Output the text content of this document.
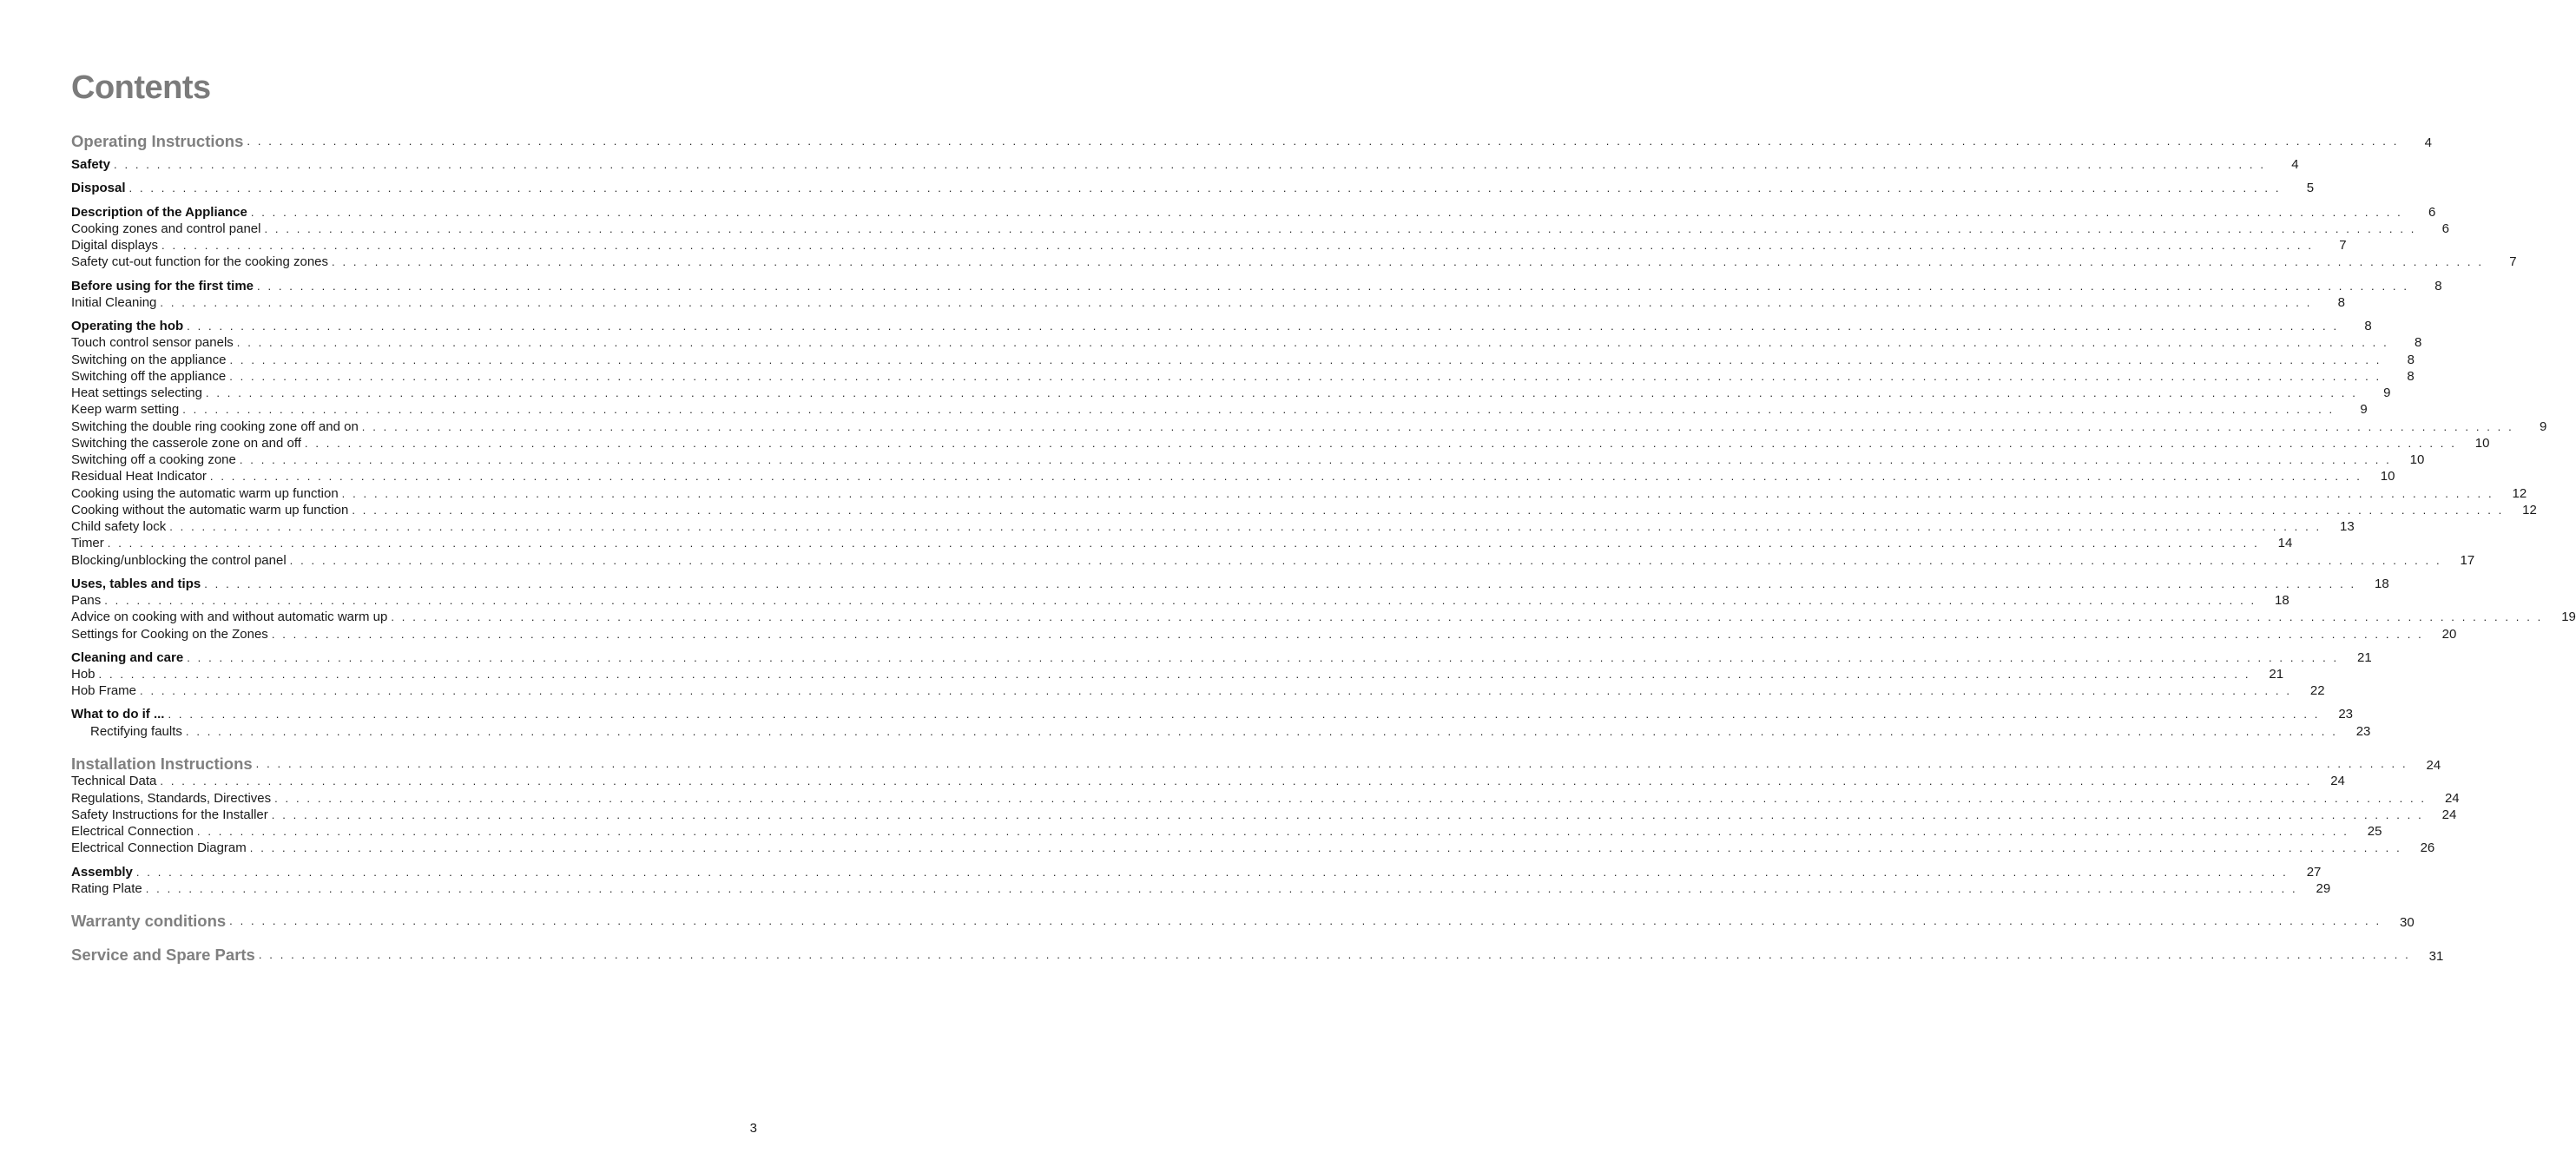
Contents
Operating Instructions . . . . . . . . . . . . . . . . . . . . . . . . . . . . . . . . . . . . . . . . . . . . . . . . . . . . . . . . . . . . . . . . . . . . . . . . . . . . . . . . . . . . . . . . . . . . . . . . . . . . . . . . . . . . . . . . . . . . . . . . . . . . . . . . . . . . . . . . . . . . . . . . . . . . . . . . . . . . . . . . . . . . . . . . . . . . . . . . . . . . . . . . . . . . . . . . . . . . . . . .	4
Safety . . . . . . . . . . . . . . . . . . . . . . . . . . . . . . . . . . . . . . . . . . . . . . . . . . . . . . . . . . . . . . . . . . . . . . . . . . . . . . . . . . . . . . . . . . . . . . . . . . . . . . . . . . . . . . . . . . . . . . . . . . . . . . . . . . . . . . . . . . . . . . . . . . . . . . . . . . . . . . . . . . . . . . . . . . . . . . . . . . . . . . . . . . . . . . . . . . . . . . . .	4
Disposal . . . . . . . . . . . . . . . . . . . . . . . . . . . . . . . . . . . . . . . . . . . . . . . . . . . . . . . . . . . . . . . . . . . . . . . . . . . . . . . . . . . . . . . . . . . . . . . . . . . . . . . . . . . . . . . . . . . . . . . . . . . . . . . . . . . . . . . . . . . . . . . . . . . . . . . . . . . . . . . . . . . . . . . . . . . . . . . . . . . . . . . . . . . . . . . . . . . . . . . .	5
Description of the Appliance . . . . . . . . . . . . . . . . . . . . . . . . . . . . . . . . . . . . . . . . . . . . . . . . . . . . . . . . . . . . . . . . . . . . . . . . . . . . . . . . . . . . . . . . . . . . . . . . . . . . . . . . . . . . . . . . . . . . . . . . . . . . . . . . . . . . . . . . . . . . . . . . . . . . . . . . . . . . . . . . . . . . . . . . . . . . . . . . . . . . . . . . . . . . . . . . . . . . . . . .	6
Cooking zones and control panel . . . . . . . . . . . . . . . . . . . . . . . . . . . . . . . . . . . . . . . . . . . . . . . . . . . . . . . . . . . . . . . . . . . . . . . . . . . . . . . . . . . . . . . . . . . . . . . . . . . . . . . . . . . . . . . . . . . . . . . . . . . . . . . . . . . . . . . . . . . . . . . . . . . . . . . . . . . . . . . . . . . . . . . . . . . . . . . . . . . . . . . . . . . . . . . . . . . . . . . .	6
Digital displays . . . . . . . . . . . . . . . . . . . . . . . . . . . . . . . . . . . . . . . . . . . . . . . . . . . . . . . . . . . . . . . . . . . . . . . . . . . . . . . . . . . . . . . . . . . . . . . . . . . . . . . . . . . . . . . . . . . . . . . . . . . . . . . . . . . . . . . . . . . . . . . . . . . . . . . . . . . . . . . . . . . . . . . . . . . . . . . . . . . . . . . . . . . . . . . . . . . . . . . .	7
Safety cut-out function for the cooking zones . . . . . . . . . . . . . . . . . . . . . . . . . . . . . . . . . . . . . . . . . . . . . . . . . . . . . . . . . . . . . . . . . . . . . . . . . . . . . . . . . . . . . . . . . . . . . . . . . . . . . . . . . . . . . . . . . . . . . . . . . . . . . . . . . . . . . . . . . . . . . . . . . . . . . . . . . . . . . . . . . . . . . . . . . . . . . . . . . . . . . . . . . . . . . . . . . . . . . . . .	7
Before using for the first time . . . . . . . . . . . . . . . . . . . . . . . . . . . . . . . . . . . . . . . . . . . . . . . . . . . . . . . . . . . . . . . . . . . . . . . . . . . . . . . . . . . . . . . . . . . . . . . . . . . . . . . . . . . . . . . . . . . . . . . . . . . . . . . . . . . . . . . . . . . . . . . . . . . . . . . . . . . . . . . . . . . . . . . . . . . . . . . . . . . . . . . . . . . . . . . . . . . . . . . .	8
Initial Cleaning . . . . . . . . . . . . . . . . . . . . . . . . . . . . . . . . . . . . . . . . . . . . . . . . . . . . . . . . . . . . . . . . . . . . . . . . . . . . . . . . . . . . . . . . . . . . . . . . . . . . . . . . . . . . . . . . . . . . . . . . . . . . . . . . . . . . . . . . . . . . . . . . . . . . . . . . . . . . . . . . . . . . . . . . . . . . . . . . . . . . . . . . . . . . . . . . . . . . . . . .	8
Operating the hob . . . . . . . . . . . . . . . . . . . . . . . . . . . . . . . . . . . . . . . . . . . . . . . . . . . . . . . . . . . . . . . . . . . . . . . . . . . . . . . . . . . . . . . . . . . . . . . . . . . . . . . . . . . . . . . . . . . . . . . . . . . . . . . . . . . . . . . . . . . . . . . . . . . . . . . . . . . . . . . . . . . . . . . . . . . . . . . . . . . . . . . . . . . . . . . . . . . . . . . .	8
Touch control sensor panels . . . . . . . . . . . . . . . . . . . . . . . . . . . . . . . . . . . . . . . . . . . . . . . . . . . . . . . . . . . . . . . . . . . . . . . . . . . . . . . . . . . . . . . . . . . . . . . . . . . . . . . . . . . . . . . . . . . . . . . . . . . . . . . . . . . . . . . . . . . . . . . . . . . . . . . . . . . . . . . . . . . . . . . . . . . . . . . . . . . . . . . . . . . . . . . . . . . . . . . .	8
Switching on the appliance . . . . . . . . . . . . . . . . . . . . . . . . . . . . . . . . . . . . . . . . . . . . . . . . . . . . . . . . . . . . . . . . . . . . . . . . . . . . . . . . . . . . . . . . . . . . . . . . . . . . . . . . . . . . . . . . . . . . . . . . . . . . . . . . . . . . . . . . . . . . . . . . . . . . . . . . . . . . . . . . . . . . . . . . . . . . . . . . . . . . . . . . . . . . . . . . . . . . . . . .	8
Switching off the appliance . . . . . . . . . . . . . . . . . . . . . . . . . . . . . . . . . . . . . . . . . . . . . . . . . . . . . . . . . . . . . . . . . . . . . . . . . . . . . . . . . . . . . . . . . . . . . . . . . . . . . . . . . . . . . . . . . . . . . . . . . . . . . . . . . . . . . . . . . . . . . . . . . . . . . . . . . . . . . . . . . . . . . . . . . . . . . . . . . . . . . . . . . . . . . . . . . . . . . . . .	8
Heat settings selecting . . . . . . . . . . . . . . . . . . . . . . . . . . . . . . . . . . . . . . . . . . . . . . . . . . . . . . . . . . . . . . . . . . . . . . . . . . . . . . . . . . . . . . . . . . . . . . . . . . . . . . . . . . . . . . . . . . . . . . . . . . . . . . . . . . . . . . . . . . . . . . . . . . . . . . . . . . . . . . . . . . . . . . . . . . . . . . . . . . . . . . . . . . . . . . . . . . . . . . . .	9
Keep warm setting . . . . . . . . . . . . . . . . . . . . . . . . . . . . . . . . . . . . . . . . . . . . . . . . . . . . . . . . . . . . . . . . . . . . . . . . . . . . . . . . . . . . . . . . . . . . . . . . . . . . . . . . . . . . . . . . . . . . . . . . . . . . . . . . . . . . . . . . . . . . . . . . . . . . . . . . . . . . . . . . . . . . . . . . . . . . . . . . . . . . . . . . . . . . . . . . . . . . . . . .	9
Switching the double ring cooking zone off and on . . . . . . . . . . . . . . . . . . . . . . . . . . . . . . . . . . . . . . . . . . . . . . . . . . . . . . . . . . . . . . . . . . . . . . . . . . . . . . . . . . . . . . . . . . . . . . . . . . . . . . . . . . . . . . . . . . . . . . . . . . . . . . . . . . . . . . . . . . . . . . . . . . . . . . . . . . . . . . . . . . . . . . . . . . . . . . . . . . . . . . . . . . . . . . . . . . . . . . . .	9
Switching the casserole zone on and off . . . . . . . . . . . . . . . . . . . . . . . . . . . . . . . . . . . . . . . . . . . . . . . . . . . . . . . . . . . . . . . . . . . . . . . . . . . . . . . . . . . . . . . . . . . . . . . . . . . . . . . . . . . . . . . . . . . . . . . . . . . . . . . . . . . . . . . . . . . . . . . . . . . . . . . . . . . . . . . . . . . . . . . . . . . . . . . . . . . . . . . . . . . . . . . . . . . . . . . .	10
Switching off a cooking zone . . . . . . . . . . . . . . . . . . . . . . . . . . . . . . . . . . . . . . . . . . . . . . . . . . . . . . . . . . . . . . . . . . . . . . . . . . . . . . . . . . . . . . . . . . . . . . . . . . . . . . . . . . . . . . . . . . . . . . . . . . . . . . . . . . . . . . . . . . . . . . . . . . . . . . . . . . . . . . . . . . . . . . . . . . . . . . . . . . . . . . . . . . . . . . . . . . . . . . . .	10
Residual Heat Indicator . . . . . . . . . . . . . . . . . . . . . . . . . . . . . . . . . . . . . . . . . . . . . . . . . . . . . . . . . . . . . . . . . . . . . . . . . . . . . . . . . . . . . . . . . . . . . . . . . . . . . . . . . . . . . . . . . . . . . . . . . . . . . . . . . . . . . . . . . . . . . . . . . . . . . . . . . . . . . . . . . . . . . . . . . . . . . . . . . . . . . . . . . . . . . . . . . . . . . . . .	10
Cooking using the automatic warm up function . . . . . . . . . . . . . . . . . . . . . . . . . . . . . . . . . . . . . . . . . . . . . . . . . . . . . . . . . . . . . . . . . . . . . . . . . . . . . . . . . . . . . . . . . . . . . . . . . . . . . . . . . . . . . . . . . . . . . . . . . . . . . . . . . . . . . . . . . . . . . . . . . . . . . . . . . . . . . . . . . . . . . . . . . . . . . . . . . . . . . . . . . . . . . . . . . . . . . . . .	12
Cooking without the automatic warm up function . . . . . . . . . . . . . . . . . . . . . . . . . . . . . . . . . . . . . . . . . . . . . . . . . . . . . . . . . . . . . . . . . . . . . . . . . . . . . . . . . . . . . . . . . . . . . . . . . . . . . . . . . . . . . . . . . . . . . . . . . . . . . . . . . . . . . . . . . . . . . . . . . . . . . . . . . . . . . . . . . . . . . . . . . . . . . . . . . . . . . . . . . . . . . . . . . . . . . . . .	12
Child safety lock . . . . . . . . . . . . . . . . . . . . . . . . . . . . . . . . . . . . . . . . . . . . . . . . . . . . . . . . . . . . . . . . . . . . . . . . . . . . . . . . . . . . . . . . . . . . . . . . . . . . . . . . . . . . . . . . . . . . . . . . . . . . . . . . . . . . . . . . . . . . . . . . . . . . . . . . . . . . . . . . . . . . . . . . . . . . . . . . . . . . . . . . . . . . . . . . . . . . . . . .	13
Timer . . . . . . . . . . . . . . . . . . . . . . . . . . . . . . . . . . . . . . . . . . . . . . . . . . . . . . . . . . . . . . . . . . . . . . . . . . . . . . . . . . . . . . . . . . . . . . . . . . . . . . . . . . . . . . . . . . . . . . . . . . . . . . . . . . . . . . . . . . . . . . . . . . . . . . . . . . . . . . . . . . . . . . . . . . . . . . . . . . . . . . . . . . . . . . . . . . . . . . . .	14
Blocking/unblocking the control panel . . . . . . . . . . . . . . . . . . . . . . . . . . . . . . . . . . . . . . . . . . . . . . . . . . . . . . . . . . . . . . . . . . . . . . . . . . . . . . . . . . . . . . . . . . . . . . . . . . . . . . . . . . . . . . . . . . . . . . . . . . . . . . . . . . . . . . . . . . . . . . . . . . . . . . . . . . . . . . . . . . . . . . . . . . . . . . . . . . . . . . . . . . . . . . . . . . . . . . . .	17
Uses, tables and tips . . . . . . . . . . . . . . . . . . . . . . . . . . . . . . . . . . . . . . . . . . . . . . . . . . . . . . . . . . . . . . . . . . . . . . . . . . . . . . . . . . . . . . . . . . . . . . . . . . . . . . . . . . . . . . . . . . . . . . . . . . . . . . . . . . . . . . . . . . . . . . . . . . . . . . . . . . . . . . . . . . . . . . . . . . . . . . . . . . . . . . . . . . . . . . . . . . . . . . . .	18
Pans . . . . . . . . . . . . . . . . . . . . . . . . . . . . . . . . . . . . . . . . . . . . . . . . . . . . . . . . . . . . . . . . . . . . . . . . . . . . . . . . . . . . . . . . . . . . . . . . . . . . . . . . . . . . . . . . . . . . . . . . . . . . . . . . . . . . . . . . . . . . . . . . . . . . . . . . . . . . . . . . . . . . . . . . . . . . . . . . . . . . . . . . . . . . . . . . . . . . . . . .	18
Advice on cooking with and without automatic warm up . . . . . . . . . . . . . . . . . . . . . . . . . . . . . . . . . . . . . . . . . . . . . . . . . . . . . . . . . . . . . . . . . . . . . . . . . . . . . . . . . . . . . . . . . . . . . . . . . . . . . . . . . . . . . . . . . . . . . . . . . . . . . . . . . . . . . . . . . . . . . . . . . . . . . . . . . . . . . . . . . . . . . . . . . . . . . . . . . . . . . . . . . . . . . . . . . . . . . . . .	19
Settings for Cooking on the Zones . . . . . . . . . . . . . . . . . . . . . . . . . . . . . . . . . . . . . . . . . . . . . . . . . . . . . . . . . . . . . . . . . . . . . . . . . . . . . . . . . . . . . . . . . . . . . . . . . . . . . . . . . . . . . . . . . . . . . . . . . . . . . . . . . . . . . . . . . . . . . . . . . . . . . . . . . . . . . . . . . . . . . . . . . . . . . . . . . . . . . . . . . . . . . . . . . . . . . . . .	20
Cleaning and care . . . . . . . . . . . . . . . . . . . . . . . . . . . . . . . . . . . . . . . . . . . . . . . . . . . . . . . . . . . . . . . . . . . . . . . . . . . . . . . . . . . . . . . . . . . . . . . . . . . . . . . . . . . . . . . . . . . . . . . . . . . . . . . . . . . . . . . . . . . . . . . . . . . . . . . . . . . . . . . . . . . . . . . . . . . . . . . . . . . . . . . . . . . . . . . . . . . . . . . .	21
Hob . . . . . . . . . . . . . . . . . . . . . . . . . . . . . . . . . . . . . . . . . . . . . . . . . . . . . . . . . . . . . . . . . . . . . . . . . . . . . . . . . . . . . . . . . . . . . . . . . . . . . . . . . . . . . . . . . . . . . . . . . . . . . . . . . . . . . . . . . . . . . . . . . . . . . . . . . . . . . . . . . . . . . . . . . . . . . . . . . . . . . . . . . . . . . . . . . . . . . . . .	21
Hob Frame . . . . . . . . . . . . . . . . . . . . . . . . . . . . . . . . . . . . . . . . . . . . . . . . . . . . . . . . . . . . . . . . . . . . . . . . . . . . . . . . . . . . . . . . . . . . . . . . . . . . . . . . . . . . . . . . . . . . . . . . . . . . . . . . . . . . . . . . . . . . . . . . . . . . . . . . . . . . . . . . . . . . . . . . . . . . . . . . . . . . . . . . . . . . . . . . . . . . . . . .	22
What to do if ... . . . . . . . . . . . . . . . . . . . . . . . . . . . . . . . . . . . . . . . . . . . . . . . . . . . . . . . . . . . . . . . . . . . . . . . . . . . . . . . . . . . . . . . . . . . . . . . . . . . . . . . . . . . . . . . . . . . . . . . . . . . . . . . . . . . . . . . . . . . . . . . . . . . . . . . . . . . . . . . . . . . . . . . . . . . . . . . . . . . . . . . . . . . . . . . . . . . . . . . .	23
Rectifying faults . . . . . . . . . . . . . . . . . . . . . . . . . . . . . . . . . . . . . . . . . . . . . . . . . . . . . . . . . . . . . . . . . . . . . . . . . . . . . . . . . . . . . . . . . . . . . . . . . . . . . . . . . . . . . . . . . . . . . . . . . . . . . . . . . . . . . . . . . . . . . . . . . . . . . . . . . . . . . . . . . . . . . . . . . . . . . . . . . . . . . . . . . . . . . . . . . . . . . . . .	23
Installation Instructions . . . . . . . . . . . . . . . . . . . . . . . . . . . . . . . . . . . . . . . . . . . . . . . . . . . . . . . . . . . . . . . . . . . . . . . . . . . . . . . . . . . . . . . . . . . . . . . . . . . . . . . . . . . . . . . . . . . . . . . . . . . . . . . . . . . . . . . . . . . . . . . . . . . . . . . . . . . . . . . . . . . . . . . . . . . . . . . . . . . . . . . . . . . . . . . . . . . . . . . .	24
Technical Data . . . . . . . . . . . . . . . . . . . . . . . . . . . . . . . . . . . . . . . . . . . . . . . . . . . . . . . . . . . . . . . . . . . . . . . . . . . . . . . . . . . . . . . . . . . . . . . . . . . . . . . . . . . . . . . . . . . . . . . . . . . . . . . . . . . . . . . . . . . . . . . . . . . . . . . . . . . . . . . . . . . . . . . . . . . . . . . . . . . . . . . . . . . . . . . . . . . . . . . .	24
Regulations, Standards, Directives . . . . . . . . . . . . . . . . . . . . . . . . . . . . . . . . . . . . . . . . . . . . . . . . . . . . . . . . . . . . . . . . . . . . . . . . . . . . . . . . . . . . . . . . . . . . . . . . . . . . . . . . . . . . . . . . . . . . . . . . . . . . . . . . . . . . . . . . . . . . . . . . . . . . . . . . . . . . . . . . . . . . . . . . . . . . . . . . . . . . . . . . . . . . . . . . . . . . . . . .	24
Safety Instructions for the Installer . . . . . . . . . . . . . . . . . . . . . . . . . . . . . . . . . . . . . . . . . . . . . . . . . . . . . . . . . . . . . . . . . . . . . . . . . . . . . . . . . . . . . . . . . . . . . . . . . . . . . . . . . . . . . . . . . . . . . . . . . . . . . . . . . . . . . . . . . . . . . . . . . . . . . . . . . . . . . . . . . . . . . . . . . . . . . . . . . . . . . . . . . . . . . . . . . . . . . . . .	24
Electrical Connection . . . . . . . . . . . . . . . . . . . . . . . . . . . . . . . . . . . . . . . . . . . . . . . . . . . . . . . . . . . . . . . . . . . . . . . . . . . . . . . . . . . . . . . . . . . . . . . . . . . . . . . . . . . . . . . . . . . . . . . . . . . . . . . . . . . . . . . . . . . . . . . . . . . . . . . . . . . . . . . . . . . . . . . . . . . . . . . . . . . . . . . . . . . . . . . . . . . . . . . .	25
Electrical Connection Diagram . . . . . . . . . . . . . . . . . . . . . . . . . . . . . . . . . . . . . . . . . . . . . . . . . . . . . . . . . . . . . . . . . . . . . . . . . . . . . . . . . . . . . . . . . . . . . . . . . . . . . . . . . . . . . . . . . . . . . . . . . . . . . . . . . . . . . . . . . . . . . . . . . . . . . . . . . . . . . . . . . . . . . . . . . . . . . . . . . . . . . . . . . . . . . . . . . . . . . . . .	26
Assembly . . . . . . . . . . . . . . . . . . . . . . . . . . . . . . . . . . . . . . . . . . . . . . . . . . . . . . . . . . . . . . . . . . . . . . . . . . . . . . . . . . . . . . . . . . . . . . . . . . . . . . . . . . . . . . . . . . . . . . . . . . . . . . . . . . . . . . . . . . . . . . . . . . . . . . . . . . . . . . . . . . . . . . . . . . . . . . . . . . . . . . . . . . . . . . . . . . . . . . . .	27
Rating Plate . . . . . . . . . . . . . . . . . . . . . . . . . . . . . . . . . . . . . . . . . . . . . . . . . . . . . . . . . . . . . . . . . . . . . . . . . . . . . . . . . . . . . . . . . . . . . . . . . . . . . . . . . . . . . . . . . . . . . . . . . . . . . . . . . . . . . . . . . . . . . . . . . . . . . . . . . . . . . . . . . . . . . . . . . . . . . . . . . . . . . . . . . . . . . . . . . . . . . . . .	29
Warranty conditions . . . . . . . . . . . . . . . . . . . . . . . . . . . . . . . . . . . . . . . . . . . . . . . . . . . . . . . . . . . . . . . . . . . . . . . . . . . . . . . . . . . . . . . . . . . . . . . . . . . . . . . . . . . . . . . . . . . . . . . . . . . . . . . . . . . . . . . . . . . . . . . . . . . . . . . . . . . . . . . . . . . . . . . . . . . . . . . . . . . . . . . . . . . . . . . . . . . . . . . .	30
Service and Spare Parts . . . . . . . . . . . . . . . . . . . . . . . . . . . . . . . . . . . . . . . . . . . . . . . . . . . . . . . . . . . . . . . . . . . . . . . . . . . . . . . . . . . . . . . . . . . . . . . . . . . . . . . . . . . . . . . . . . . . . . . . . . . . . . . . . . . . . . . . . . . . . . . . . . . . . . . . . . . . . . . . . . . . . . . . . . . . . . . . . . . . . . . . . . . . . . . . . . . . . . . .	31
3
